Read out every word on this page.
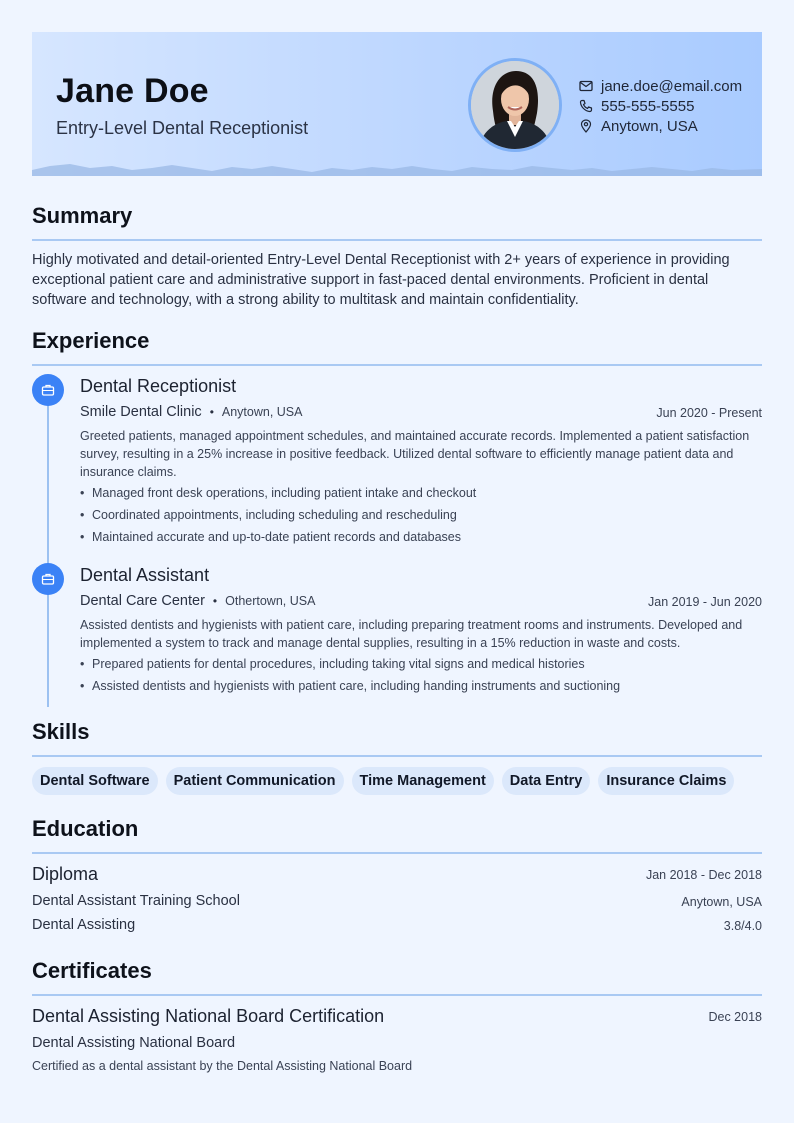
Jane Doe
Entry-Level Dental Receptionist
jane.doe@email.com
555-555-5555
Anytown, USA
Summary
Highly motivated and detail-oriented Entry-Level Dental Receptionist with 2+ years of experience in providing exceptional patient care and administrative support in fast-paced dental environments. Proficient in dental software and technology, with a strong ability to multitask and maintain confidentiality.
Experience
Dental Receptionist
Smile Dental Clinic • Anytown, USA	Jun 2020 - Present
Greeted patients, managed appointment schedules, and maintained accurate records. Implemented a patient satisfaction survey, resulting in a 25% increase in positive feedback. Utilized dental software to efficiently manage patient data and insurance claims.
• Managed front desk operations, including patient intake and checkout
• Coordinated appointments, including scheduling and rescheduling
• Maintained accurate and up-to-date patient records and databases
Dental Assistant
Dental Care Center • Othertown, USA	Jan 2019 - Jun 2020
Assisted dentists and hygienists with patient care, including preparing treatment rooms and instruments. Developed and implemented a system to track and manage dental supplies, resulting in a 15% reduction in waste and costs.
• Prepared patients for dental procedures, including taking vital signs and medical histories
• Assisted dentists and hygienists with patient care, including handing instruments and suctioning
Skills
Dental Software	Patient Communication	Time Management	Data Entry	Insurance Claims
Education
Diploma	Jan 2018 - Dec 2018
Dental Assistant Training School	Anytown, USA
Dental Assisting	3.8/4.0
Certificates
Dental Assisting National Board Certification	Dec 2018
Dental Assisting National Board
Certified as a dental assistant by the Dental Assisting National Board
